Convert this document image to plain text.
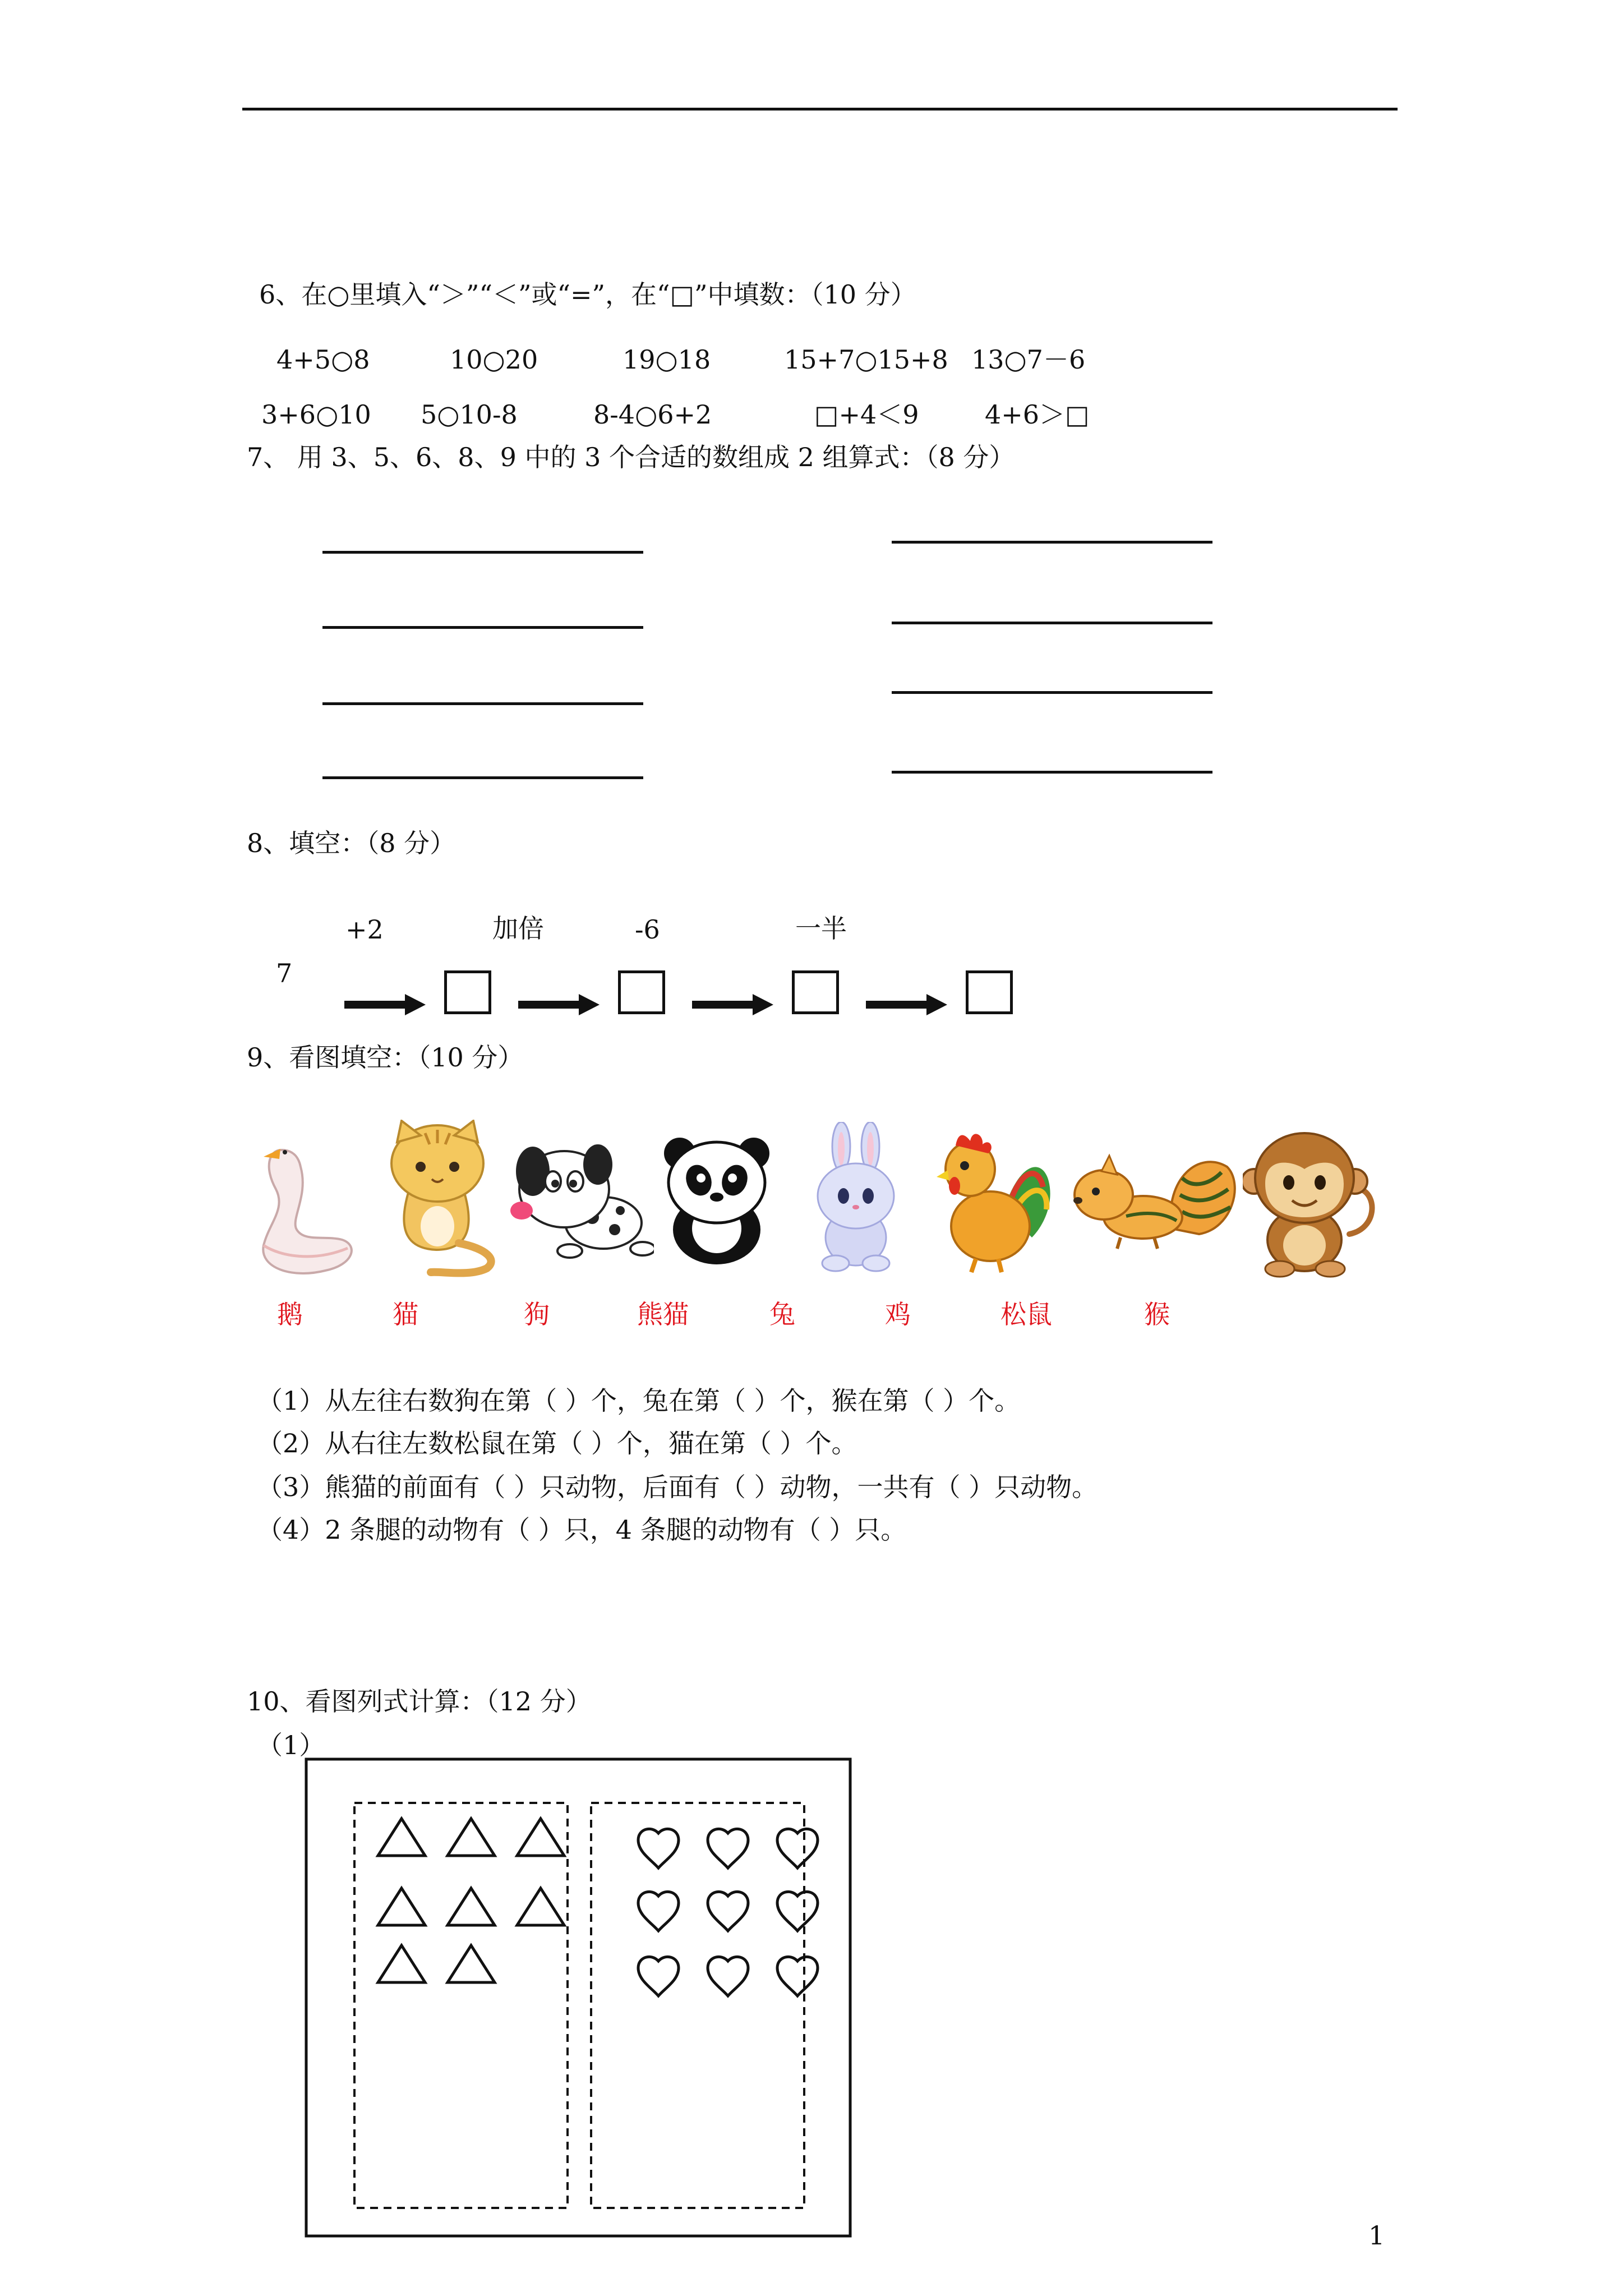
6、在○里填入“＞”“＜”或“=”，在“□”中填数：（10 分）
4+5○8	10○20	19○18	15+7○15+8 13○7－6
3+6○10 5○10-8	8-4○6+2	□+4＜9	4+6＞□
7、 用 3、5、6、8、9 中的 3 个合适的数组成 2 组算式：（8 分）
8、填空：（8 分）
+2	加倍	-6	一半
7
9、看图填空：（10 分）
鹅	猫	狗	熊猫	兔	鸡	松鼠	猴
（1）从左往右数狗在第（ ）个，兔在第（ ）个，猴在第（ ）个。
（2）从右往左数松鼠在第（ ）个，猫在第（ ）个。
（3）熊猫的前面有（ ）只动物，后面有（ ）动物，一共有（ ）只动物。
（4）2 条腿的动物有（ ）只，4 条腿的动物有（ ）只。
10、看图列式计算：（12 分）
（1）
1
